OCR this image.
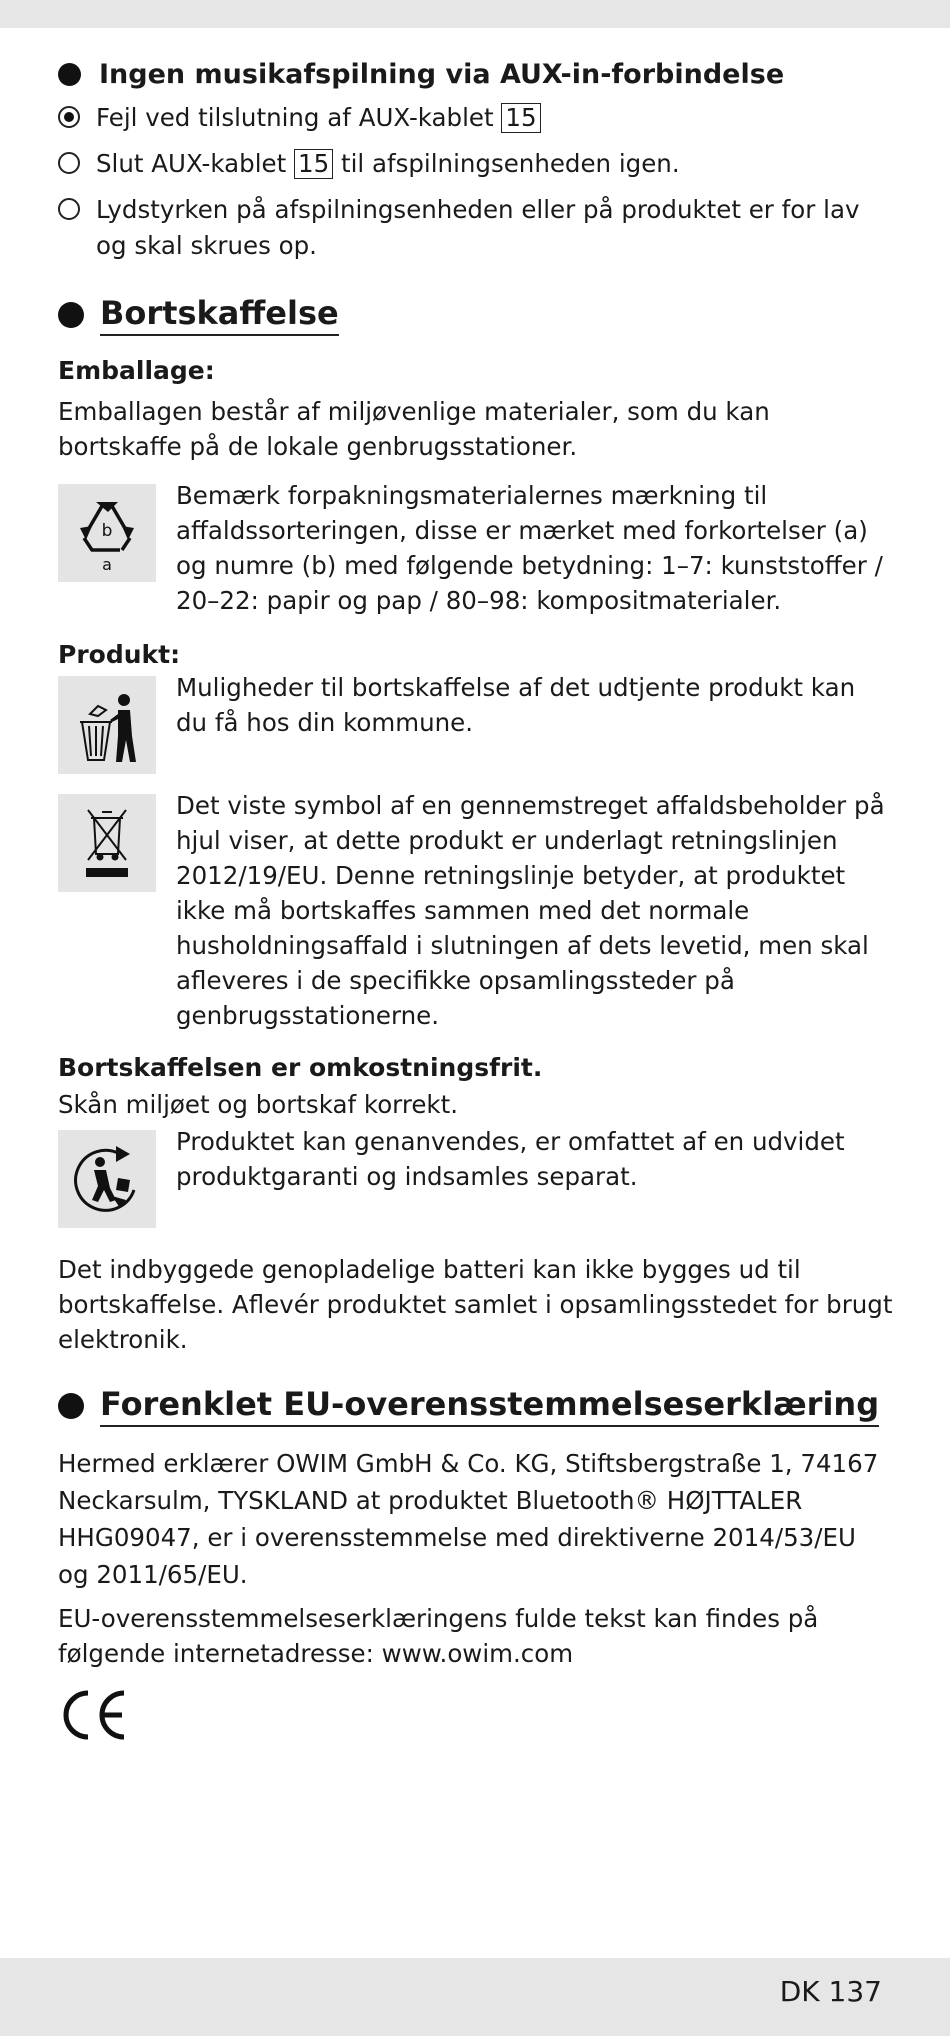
Ingen musikafspilning via AUX-in-forbindelse
Fejl ved tilslutning af AUX-kablet 15
Slut AUX-kablet 15 til afspilningsenheden igen.
Lydstyrken på afspilningsenheden eller på produktet er for lav og skal skrues op.
Bortskaffelse
Emballage:

Emballagen består af miljøvenlige materialer, som du kan bortskaffe på de lokale genbrugsstationer.

b
a
Bemærk forpakningsmaterialernes mærkning til affaldssorteringen, disse er mærket med forkortelser (a) og numre (b) med følgende betydning: 1–7: kunststoffer / 20–22: papir og pap / 80–98: kompositmaterialer.
Produkt:
Muligheder til bortskaffelse af det udtjente produkt kan du få hos din kommune.
Det viste symbol af en gennemstreget affaldsbeholder på hjul viser, at dette produkt er underlagt retningslinjen 2012/19/EU. Denne retningslinje betyder, at produktet ikke må bortskaffes sammen med det normale husholdningsaffald i slutningen af dets levetid, men skal afleveres i de specifikke opsamlingssteder på genbrugsstationerne.
Bortskaffelsen er omkostningsfrit.

Skån miljøet og bortskaf korrekt.

Produktet kan genanvendes, er omfattet af en udvidet produktgaranti og indsamles separat.

Det indbyggede genopladelige batteri kan ikke bygges ud til bortskaffelse. Aflevér produktet samlet i opsamlingsstedet for brugt elektronik.

Forenklet EU-overensstemmelseserklæring

Hermed erklærer OWIM GmbH & Co. KG, Stiftsbergstraße 1, 74167 Neckarsulm, TYSKLAND at produktet Bluetooth® HØJTTALER HHG09047, er i overensstemmelse med direktiverne 2014/53/EU og 2011/65/EU.

EU-overensstemmelseserklæringens fulde tekst kan findes på følgende internetadresse: www.owim.com

DK 137
